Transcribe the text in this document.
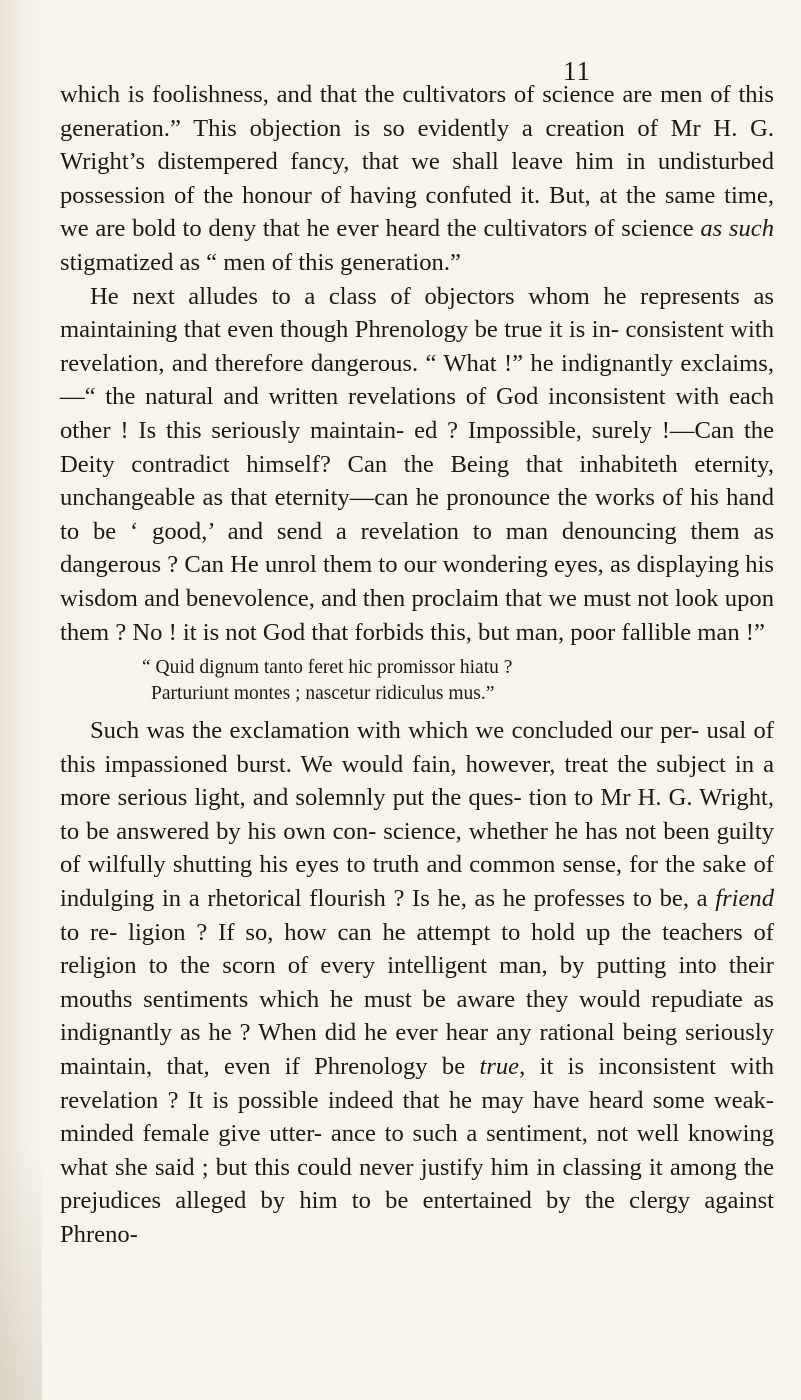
11

which is foolishness, and that the cultivators of science are men of this generation.” This objection is so evidently a creation of Mr H. G. Wright’s distempered fancy, that we shall leave him in undisturbed possession of the honour of having confuted it. But, at the same time, we are bold to deny that he ever heard the cultivators of science as such stigmatized as “ men of this generation.”

He next alludes to a class of objectors whom he represents as maintaining that even though Phrenology be true it is in- consistent with revelation, and therefore dangerous. “ What !” he indignantly exclaims,—“ the natural and written revelations of God inconsistent with each other ! Is this seriously maintain- ed ? Impossible, surely !—Can the Deity contradict himself? Can the Being that inhabiteth eternity, unchangeable as that eternity—can he pronounce the works of his hand to be ‘ good,’ and send a revelation to man denouncing them as dangerous ? Can He unrol them to our wondering eyes, as displaying his wisdom and benevolence, and then proclaim that we must not look upon them ? No ! it is not God that forbids this, but man, poor fallible man !”

“ Quid dignum tanto feret hic promissor hiatu ?
Parturiunt montes ; nascetur ridiculus mus.”

Such was the exclamation with which we concluded our per- usal of this impassioned burst. We would fain, however, treat the subject in a more serious light, and solemnly put the ques- tion to Mr H. G. Wright, to be answered by his own con- science, whether he has not been guilty of wilfully shutting his eyes to truth and common sense, for the sake of indulging in a rhetorical flourish ? Is he, as he professes to be, a friend to re- ligion ? If so, how can he attempt to hold up the teachers of religion to the scorn of every intelligent man, by putting into their mouths sentiments which he must be aware they would repudiate as indignantly as he ? When did he ever hear any rational being seriously maintain, that, even if Phrenology be true, it is inconsistent with revelation ? It is possible indeed that he may have heard some weak-minded female give utter- ance to such a sentiment, not well knowing what she said ; but this could never justify him in classing it among the prejudices alleged by him to be entertained by the clergy against Phreno-
